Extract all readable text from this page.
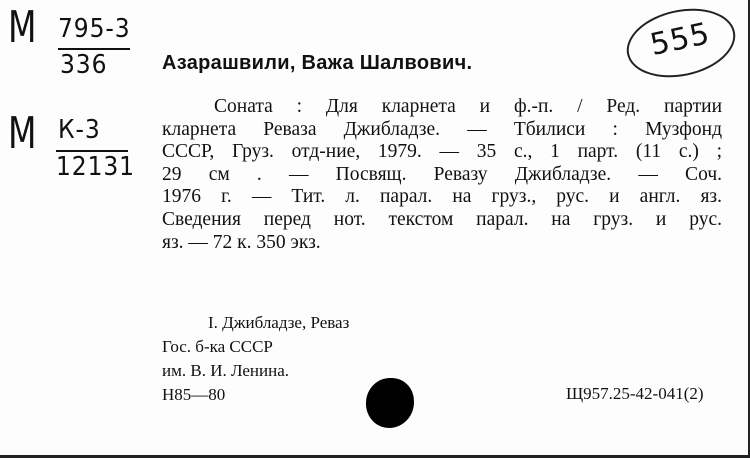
М 795-3
336
М К-3
12131
555
Азарашвили, Важа Шалвович.
Соната : Для кларнета и ф.-п. / Ред. партии
кларнета Реваза Джибладзе. — Тбилиси : Музфонд
СССР, Груз. отд-ние, 1979. — 35 с., 1 парт. (11 с.) ;
29 см . — Посвящ. Ревазу Джибладзе. — Соч.
1976 г. — Тит. л. парал. на груз., рус. и англ. яз.
Сведения перед нот. текстом парал. на груз. и рус.
яз. — 72 к. 350 экз.
I. Джибладзе, Реваз
Гос. б-ка СССР
им. В. И. Ленина.
Н85—80	Щ957.25-42-041(2)
